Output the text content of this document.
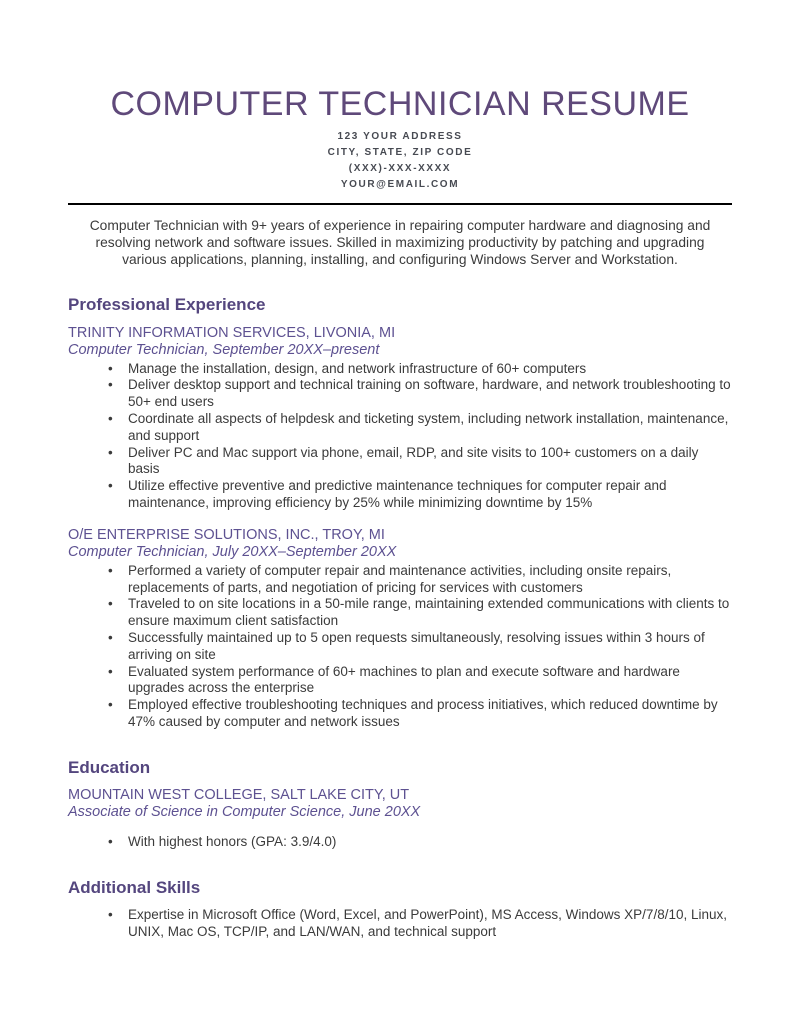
COMPUTER TECHNICIAN RESUME
123 YOUR ADDRESS
CITY, STATE, ZIP CODE
(XXX)-XXX-XXXX
YOUR@EMAIL.COM

Computer Technician with 9+ years of experience in repairing computer hardware and diagnosing and resolving network and software issues. Skilled in maximizing productivity by patching and upgrading various applications, planning, installing, and configuring Windows Server and Workstation.

Professional Experience
TRINITY INFORMATION SERVICES, LIVONIA, MI
Computer Technician, September 20XX–present
• Manage the installation, design, and network infrastructure of 60+ computers
• Deliver desktop support and technical training on software, hardware, and network troubleshooting to 50+ end users
• Coordinate all aspects of helpdesk and ticketing system, including network installation, maintenance, and support
• Deliver PC and Mac support via phone, email, RDP, and site visits to 100+ customers on a daily basis
• Utilize effective preventive and predictive maintenance techniques for computer repair and maintenance, improving efficiency by 25% while minimizing downtime by 15%
O/E ENTERPRISE SOLUTIONS, INC., TROY, MI
Computer Technician, July 20XX–September 20XX
• Performed a variety of computer repair and maintenance activities, including onsite repairs, replacements of parts, and negotiation of pricing for services with customers
• Traveled to on site locations in a 50-mile range, maintaining extended communications with clients to ensure maximum client satisfaction
• Successfully maintained up to 5 open requests simultaneously, resolving issues within 3 hours of arriving on site
• Evaluated system performance of 60+ machines to plan and execute software and hardware upgrades across the enterprise
• Employed effective troubleshooting techniques and process initiatives, which reduced downtime by 47% caused by computer and network issues
Education
MOUNTAIN WEST COLLEGE, SALT LAKE CITY, UT
Associate of Science in Computer Science, June 20XX
• With highest honors (GPA: 3.9/4.0)
Additional Skills
• Expertise in Microsoft Office (Word, Excel, and PowerPoint), MS Access, Windows XP/7/8/10, Linux, UNIX, Mac OS, TCP/IP, and LAN/WAN, and technical support
